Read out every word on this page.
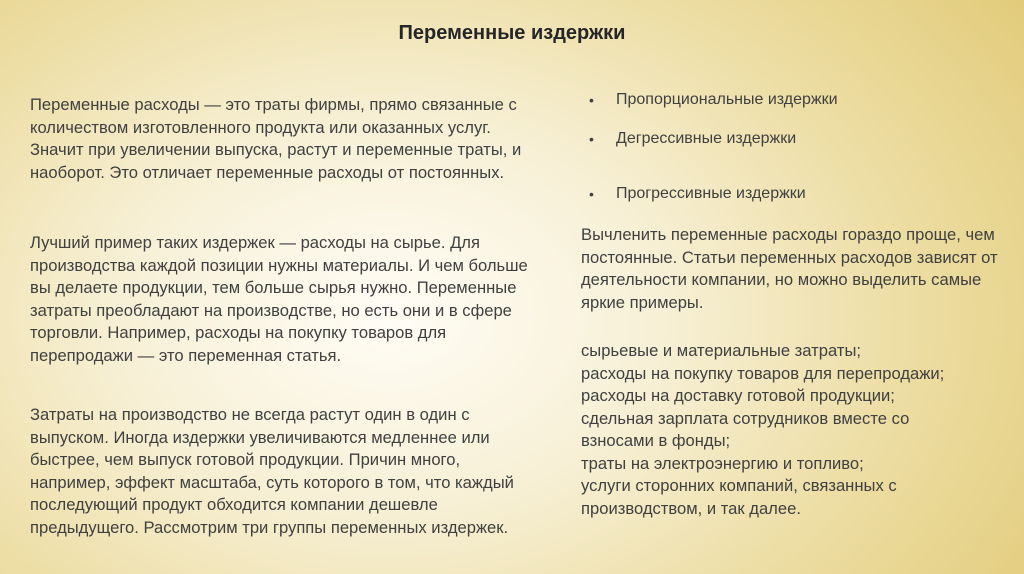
Переменные издержки

Переменные расходы — это траты фирмы, прямо связанные с количеством изготовленного продукта или оказанных услуг. Значит при увеличении выпуска, растут и переменные траты, и наоборот. Это отличает переменные расходы от постоянных.

Лучший пример таких издержек — расходы на сырье. Для производства каждой позиции нужны материалы. И чем больше вы делаете продукции, тем больше сырья нужно. Переменные затраты преобладают на производстве, но есть они и в сфере торговли. Например, расходы на покупку товаров для перепродажи — это переменная статья.

Затраты на производство не всегда растут один в один с выпуском. Иногда издержки увеличиваются медленнее или быстрее, чем выпуск готовой продукции. Причин много, например, эффект масштаба, суть которого в том, что каждый последующий продукт обходится компании дешевле предыдущего. Рассмотрим три группы переменных издержек.

•	Пропорциональные издержки
•	Дегрессивные издержки
•	Прогрессивные издержки

Вычленить переменные расходы гораздо проще, чем постоянные. Статьи переменных расходов зависят от деятельности компании, но можно выделить самые яркие примеры.

сырьевые и материальные затраты;
расходы на покупку товаров для перепродажи;
расходы на доставку готовой продукции;
сдельная зарплата сотрудников вместе со
взносами в фонды;
траты на электроэнергию и топливо;
услуги сторонних компаний, связанных с
производством, и так далее.
